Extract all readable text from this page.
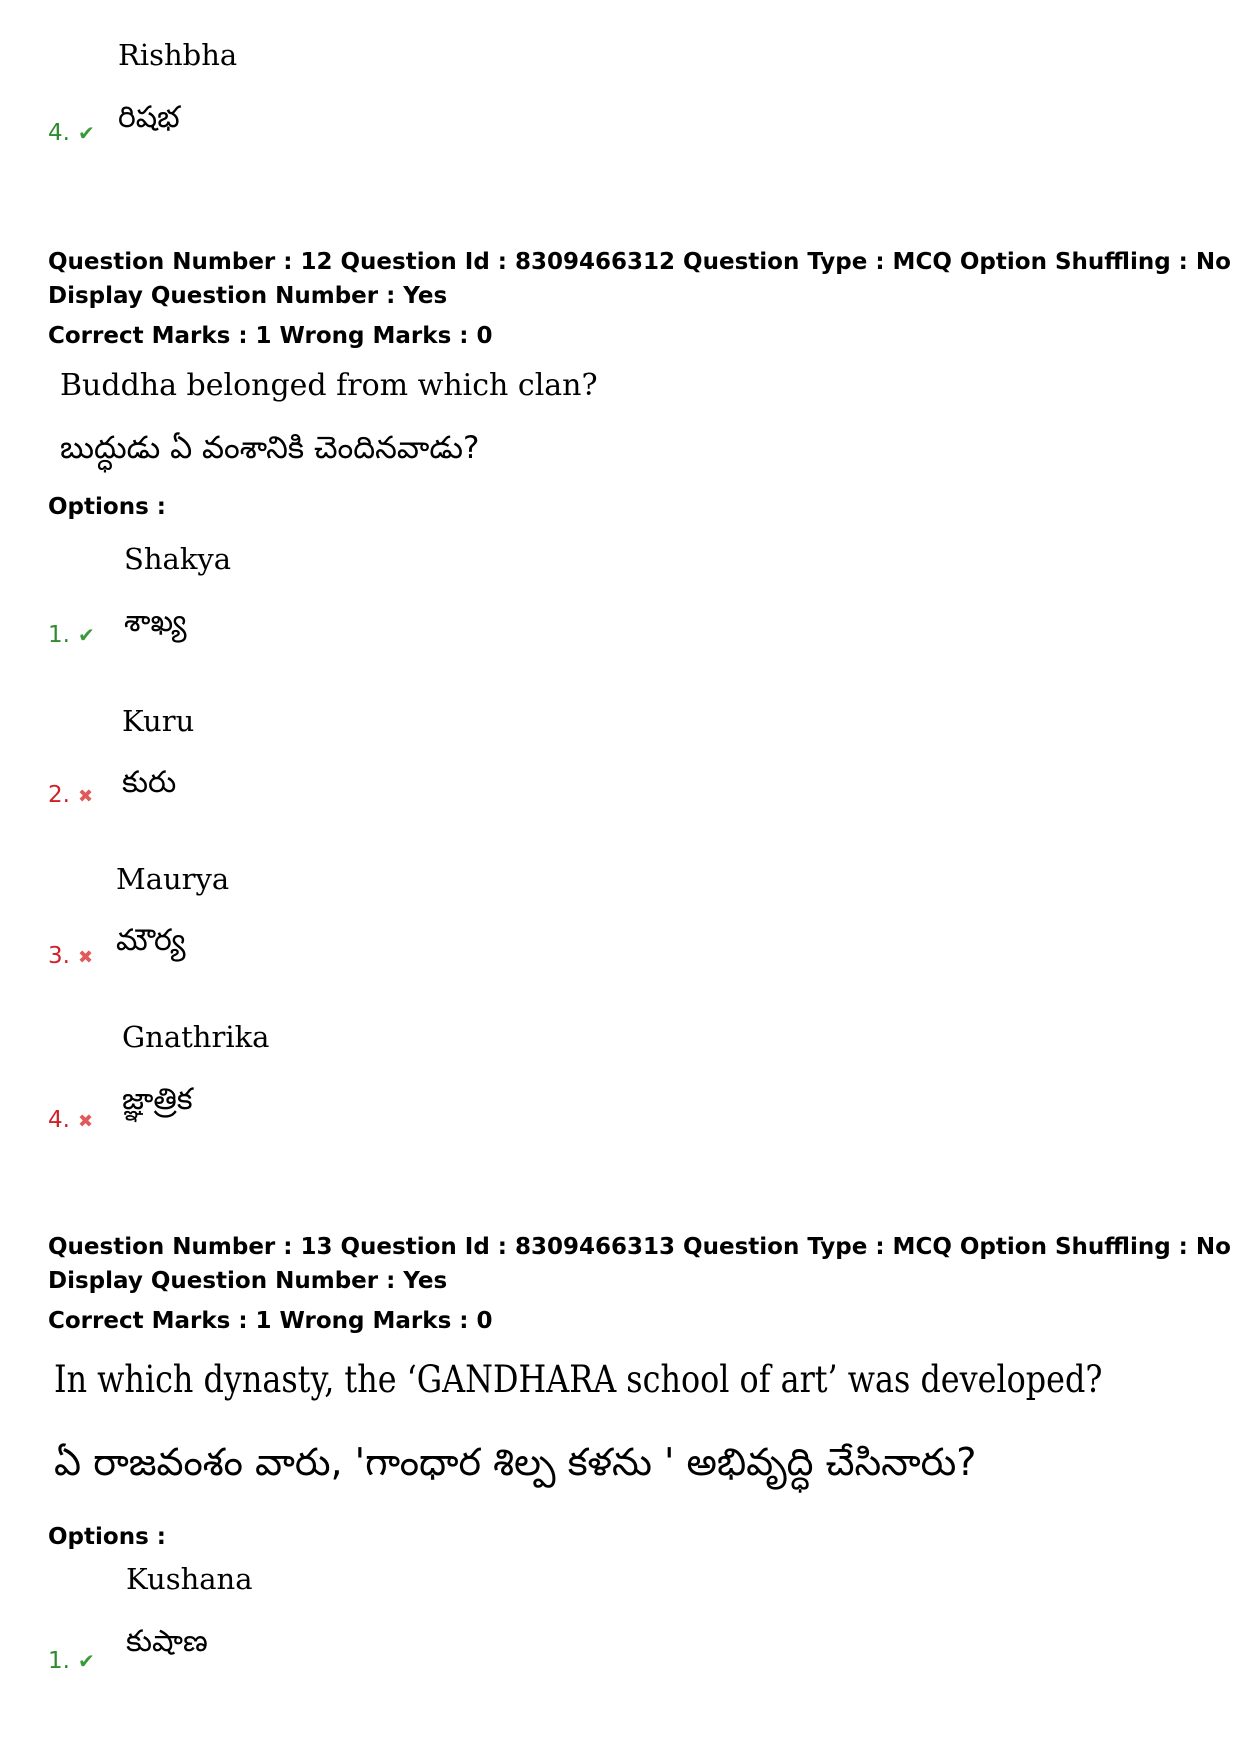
Rishbha
4. ✔ రిషభ
Question Number : 12 Question Id : 8309466312 Question Type : MCQ Option Shuffling : No
Display Question Number : Yes
Correct Marks : 1 Wrong Marks : 0
Buddha belonged from which clan?
బుద్ధుడు ఏ వంశానికి చెందినవాడు?
Options :
Shakya
1. ✔ శాఖ్య
Kuru
2. ✖ కురు
Maurya
3. ✖ మౌర్య
Gnathrika
4. ✖
జ్ఞాత్రిక
Question Number : 13 Question Id : 8309466313 Question Type : MCQ Option Shuffling : No
Display Question Number : Yes
Correct Marks : 1 Wrong Marks : 0
In which dynasty, the ‘GANDHARA school of art’ was developed?
ఏ రాజవంశం వారు, 'గాంధార శిల్ప కళను ' అభివృద్ధి చేసినారు?
Options :
Kushana
1. ✔
కుషాణ
